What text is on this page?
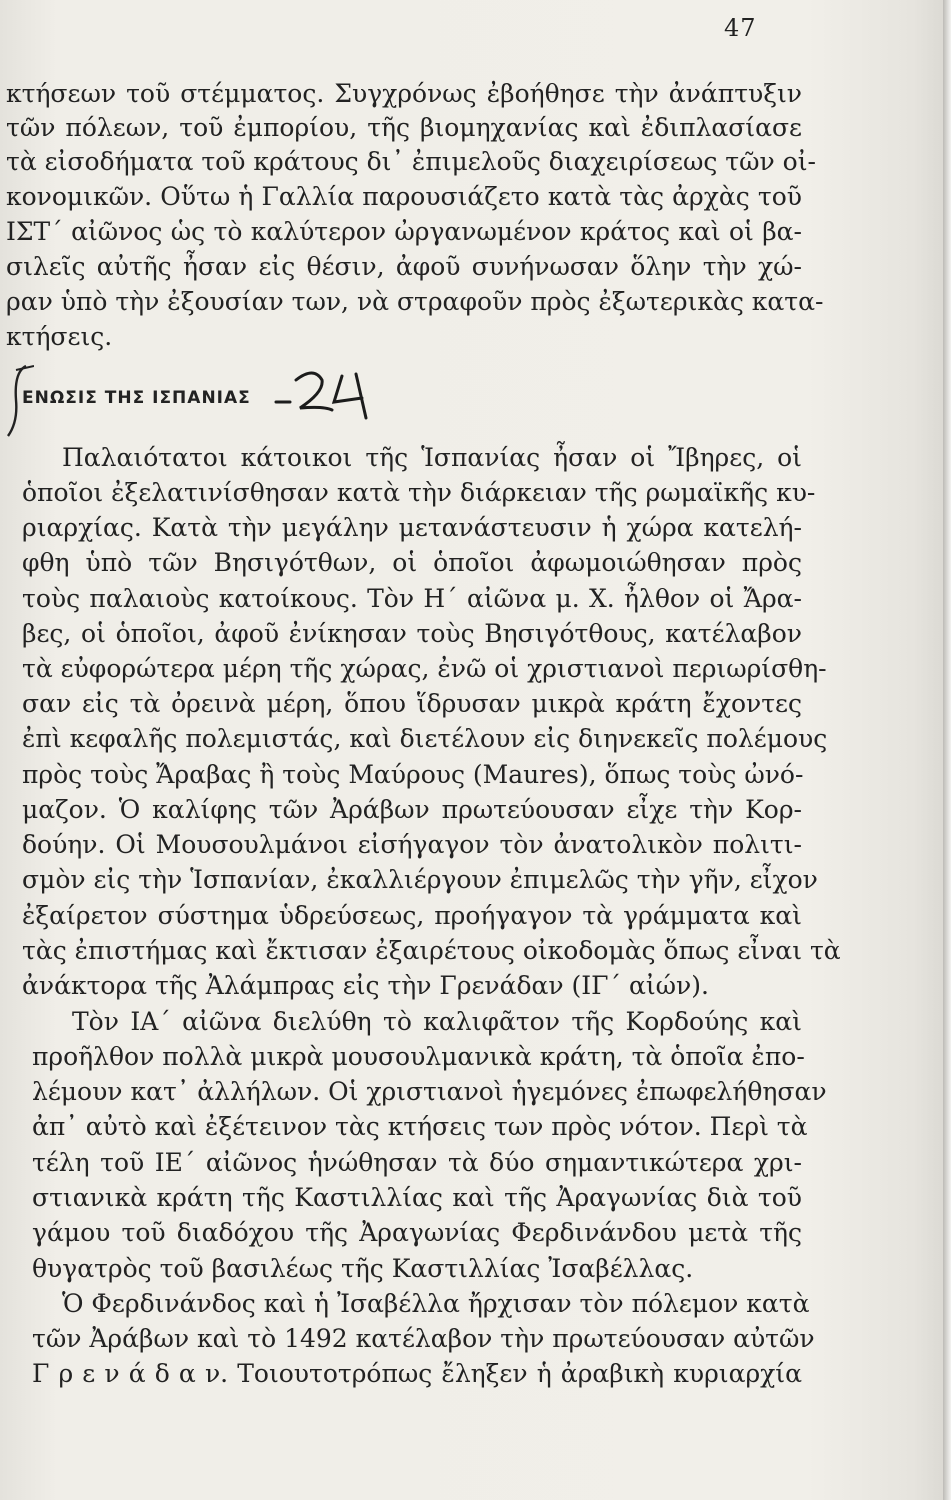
47
κτήσεων τοῦ στέμματος. Συγχρόνως ἐβοήθησε τὴν ἀνάπτυξιν
τῶν πόλεων, τοῦ ἐμπορίου, τῆς βιομηχανίας καὶ ἐδιπλασίασε
τὰ εἰσοδήματα τοῦ κράτους δι᾿ ἐπιμελοῦς διαχειρίσεως τῶν οἰ-
κονομικῶν. Οὕτω ἡ Γαλλία παρουσιάζετο κατὰ τὰς ἀρχὰς τοῦ
ΙΣΤ´ αἰῶνος ὡς τὸ καλύτερον ὠργανωμένον κράτος καὶ οἱ βα-
σιλεῖς αὐτῆς ἦσαν εἰς θέσιν, ἀφοῦ συνήνωσαν ὅλην τὴν χώ-
ραν ὑπὸ τὴν ἐξουσίαν των, νὰ στραφοῦν πρὸς ἐξωτερικὰς κατα-
κτήσεις.
ΕΝΩΣΙΣ ΤΗΣ ΙΣΠΑΝΙΑΣ
Παλαιότατοι κάτοικοι τῆς Ἱσπανίας ἦσαν οἱ Ἴβηρες, οἱ
ὁποῖοι ἐξελατινίσθησαν κατὰ τὴν διάρκειαν τῆς ρωμαϊκῆς κυ-
ριαρχίας. Κατὰ τὴν μεγάλην μετανάστευσιν ἡ χώρα κατελή-
φθη ὑπὸ τῶν Βησιγότθων, οἱ ὁποῖοι ἀφωμοιώθησαν πρὸς
τοὺς παλαιοὺς κατοίκους. Τὸν Η´ αἰῶνα μ. Χ. ἦλθον οἱ Ἄρα-
βες, οἱ ὁποῖοι, ἀφοῦ ἐνίκησαν τοὺς Βησιγότθους, κατέλαβον
τὰ εὐφορώτερα μέρη τῆς χώρας, ἐνῶ οἱ χριστιανοὶ περιωρίσθη-
σαν εἰς τὰ ὀρεινὰ μέρη, ὅπου ἵδρυσαν μικρὰ κράτη ἔχοντες
ἐπὶ κεφαλῆς πολεμιστάς, καὶ διετέλουν εἰς διηνεκεῖς πολέμους
πρὸς τοὺς Ἄραβας ἢ τοὺς Μαύρους (Maures), ὅπως τοὺς ὠνό-
μαζον. Ὁ καλίφης τῶν Ἀράβων πρωτεύουσαν εἶχε τὴν Κορ-
δούην. Οἱ Μουσουλμάνοι εἰσήγαγον τὸν ἀνατολικὸν πολιτι-
σμὸν εἰς τὴν Ἱσπανίαν, ἐκαλλιέργουν ἐπιμελῶς τὴν γῆν, εἶχον
ἐξαίρετον σύστημα ὑδρεύσεως, προήγαγον τὰ γράμματα καὶ
τὰς ἐπιστήμας καὶ ἔκτισαν ἐξαιρέτους οἰκοδομὰς ὅπως εἶναι τὰ
ἀνάκτορα τῆς Ἀλάμπρας εἰς τὴν Γρενάδαν (ΙΓ´ αἰών).
Τὸν ΙΑ´ αἰῶνα διελύθη τὸ καλιφᾶτον τῆς Κορδούης καὶ
προῆλθον πολλὰ μικρὰ μουσουλμανικὰ κράτη, τὰ ὁποῖα ἐπο-
λέμουν κατ᾿ ἀλλήλων. Οἱ χριστιανοὶ ἡγεμόνες ἐπωφελήθησαν
ἀπ᾿ αὐτὸ καὶ ἐξέτεινον τὰς κτήσεις των πρὸς νότον. Περὶ τὰ
τέλη τοῦ ΙΕ´ αἰῶνος ἡνώθησαν τὰ δύο σημαντικώτερα χρι-
στιανικὰ κράτη τῆς Καστιλλίας καὶ τῆς Ἀραγωνίας διὰ τοῦ
γάμου τοῦ διαδόχου τῆς Ἀραγωνίας Φερδινάνδου μετὰ τῆς
θυγατρὸς τοῦ βασιλέως τῆς Καστιλλίας Ἰσαβέλλας.
Ὁ Φερδινάνδος καὶ ἡ Ἰσαβέλλα ἤρχισαν τὸν πόλεμον κατὰ
τῶν Ἀράβων καὶ τὸ 1492 κατέλαβον τὴν πρωτεύουσαν αὐτῶν
Γ ρ ε ν ά δ α ν. Τοιουτοτρόπως ἔληξεν ἡ ἀραβικὴ κυριαρχία
